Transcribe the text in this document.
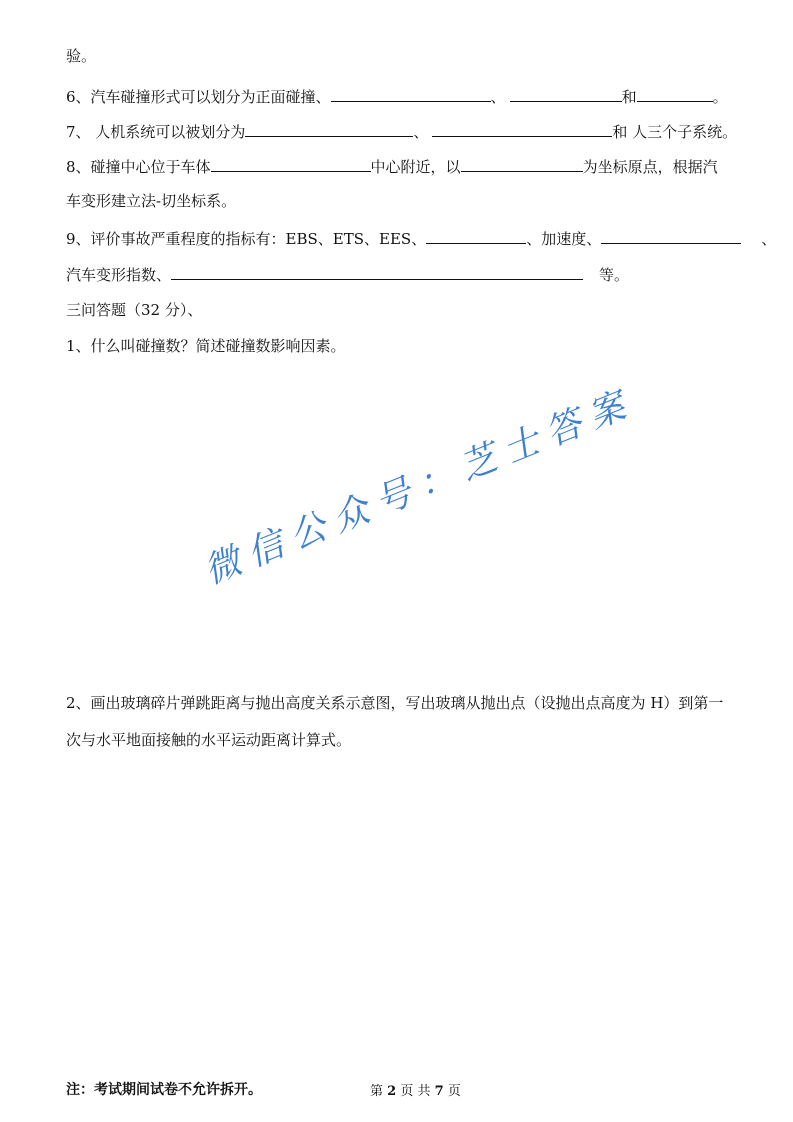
验。
6、汽车碰撞形式可以划分为正面碰撞、	、	和	。
7、 人机系统可以被划分为	、	和 人三个子系统。
8、碰撞中心位于车体	中心附近，以	为坐标原点，根据汽
车变形建立法-切坐标系。
9、评价事故严重程度的指标有：EBS、ETS、EES、	、加速度、	、
汽车变形指数、	等。
三问答题（32 分）、
1、什么叫碰撞数？简述碰撞数影响因素。
2、画出玻璃碎片弹跳距离与抛出高度关系示意图，写出玻璃从抛出点（设抛出点高度为 H）到第一
次与水平地面接触的水平运动距离计算式。
微信公众号：芝士答案
注：考试期间试卷不允许拆开。	第 2 页 共 7 页
